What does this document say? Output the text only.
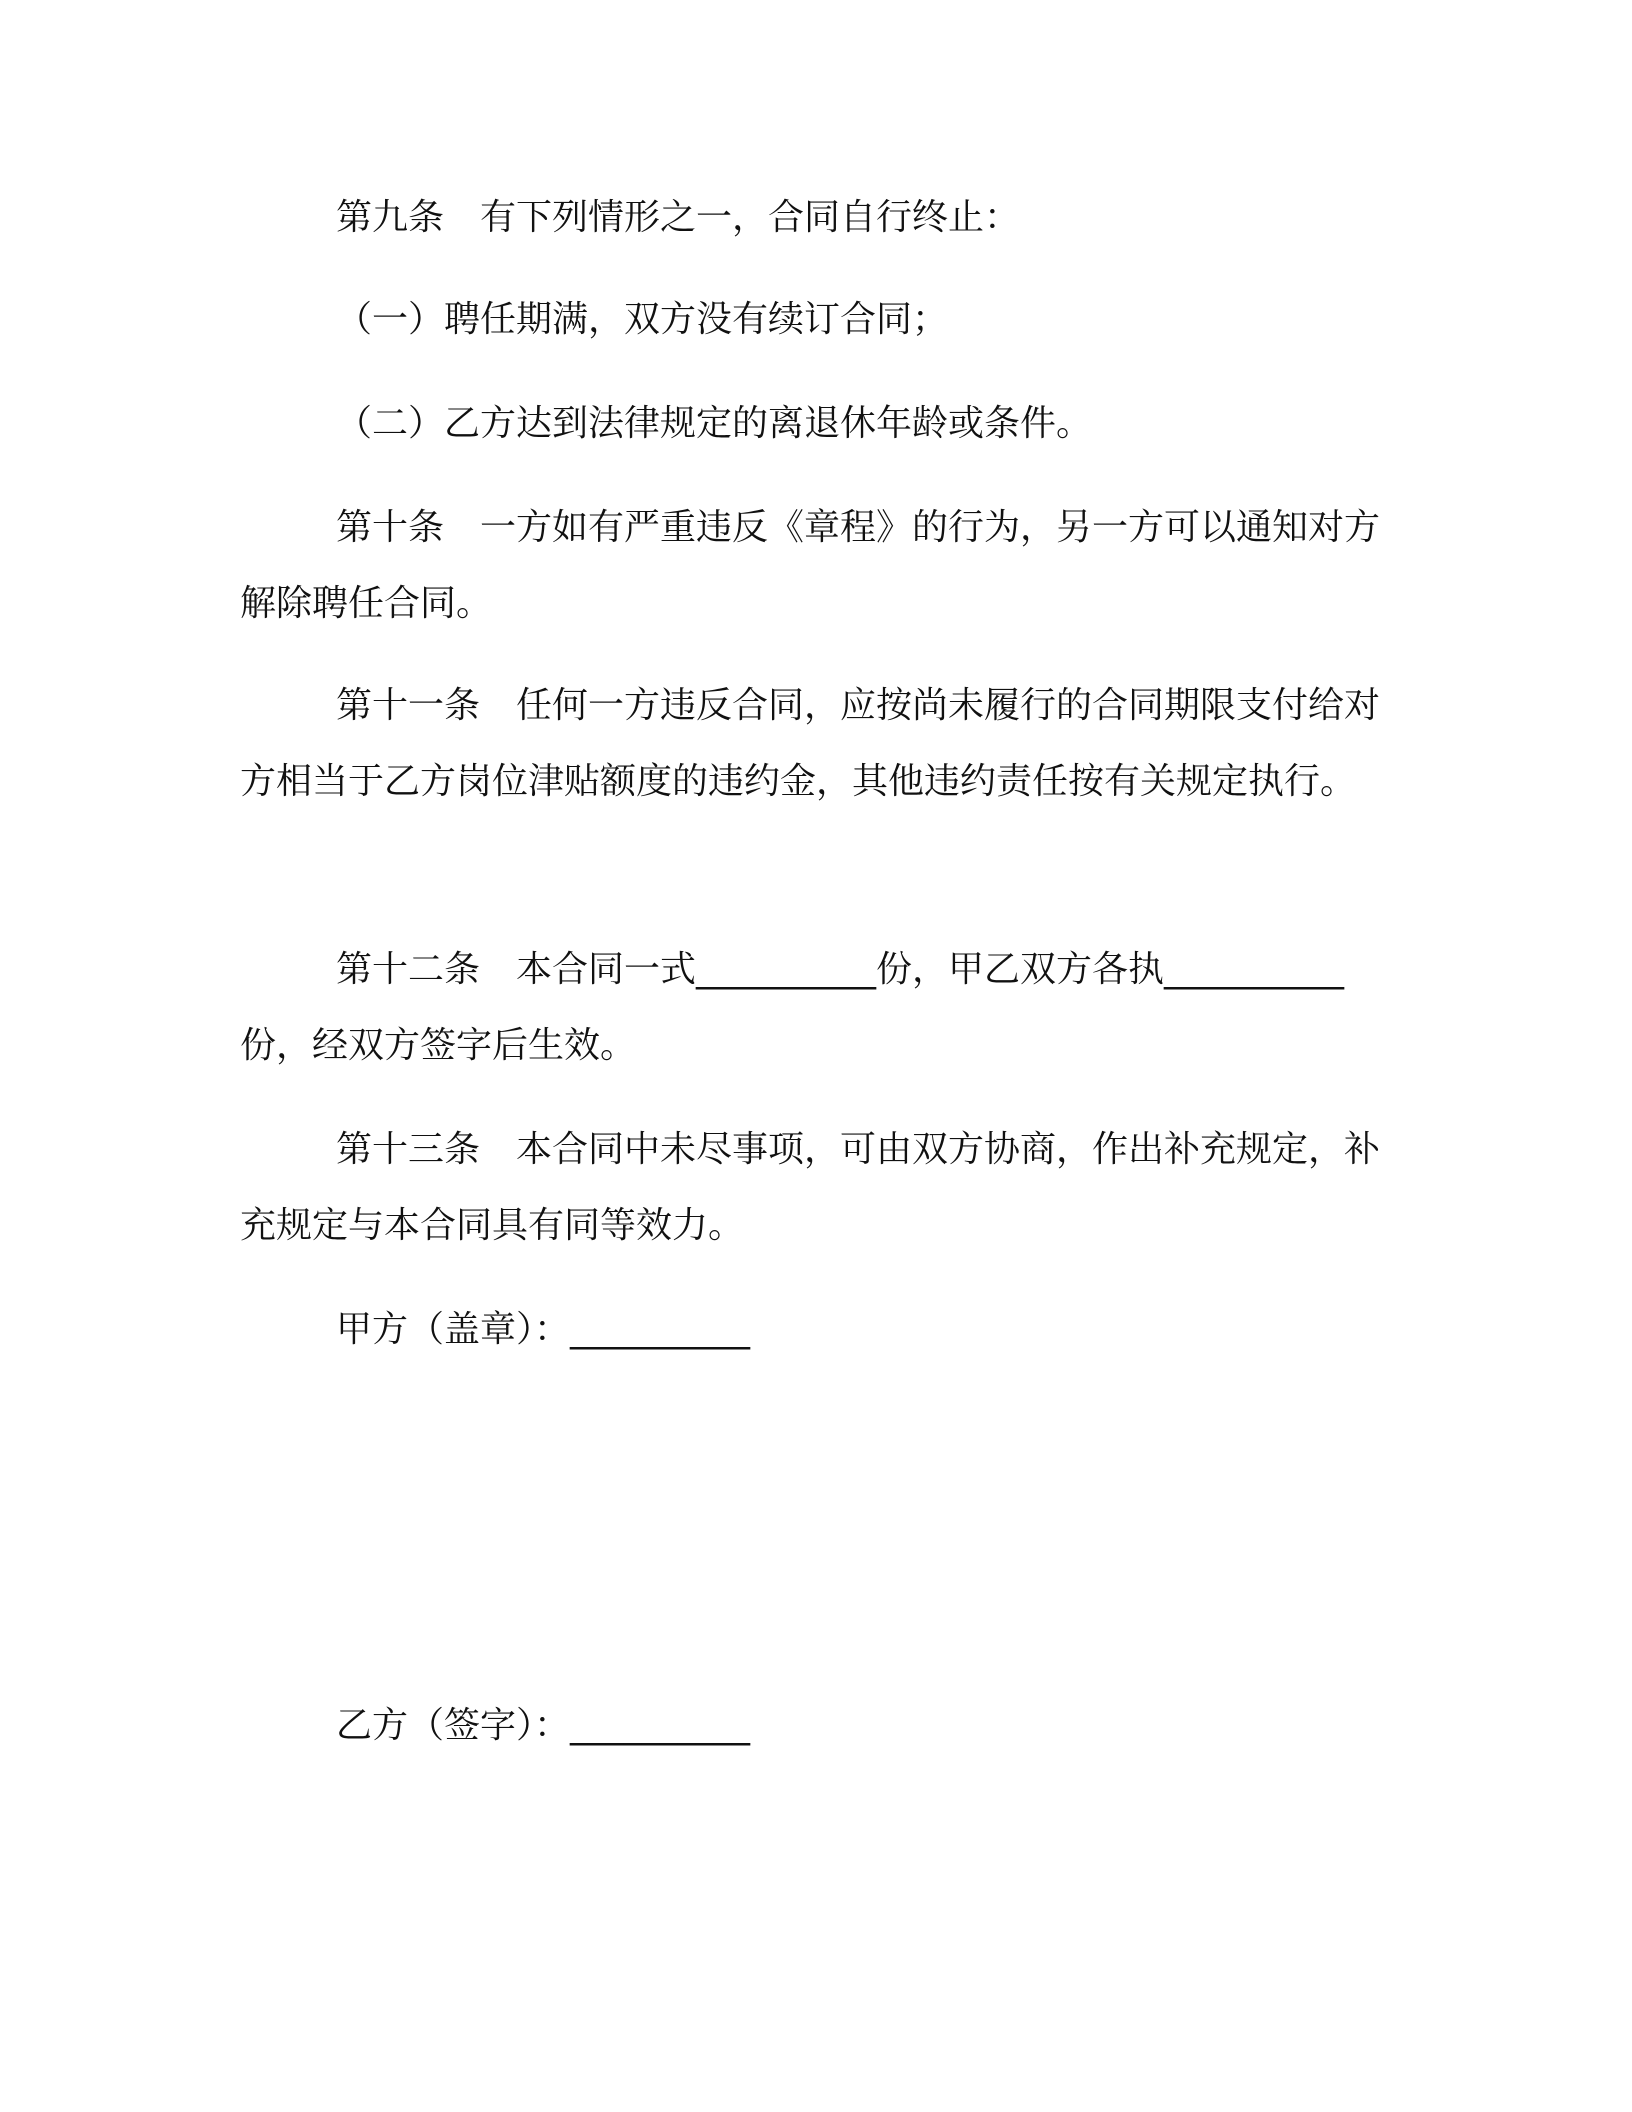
第九条　有下列情形之一，合同自行终止：

（一）聘任期满，双方没有续订合同；

（二）乙方达到法律规定的离退休年龄或条件。

第十条　一方如有严重违反《章程》的行为，另一方可以通知对方解除聘任合同。

第十一条　任何一方违反合同，应按尚未履行的合同期限支付给对方相当于乙方岗位津贴额度的违约金，其他违约责任按有关规定执行。

第十二条　本合同一式__________份，甲乙双方各执__________份，经双方签字后生效。

第十三条　本合同中未尽事项，可由双方协商，作出补充规定，补充规定与本合同具有同等效力。

甲方（盖章）：__________

乙方（签字）：__________
